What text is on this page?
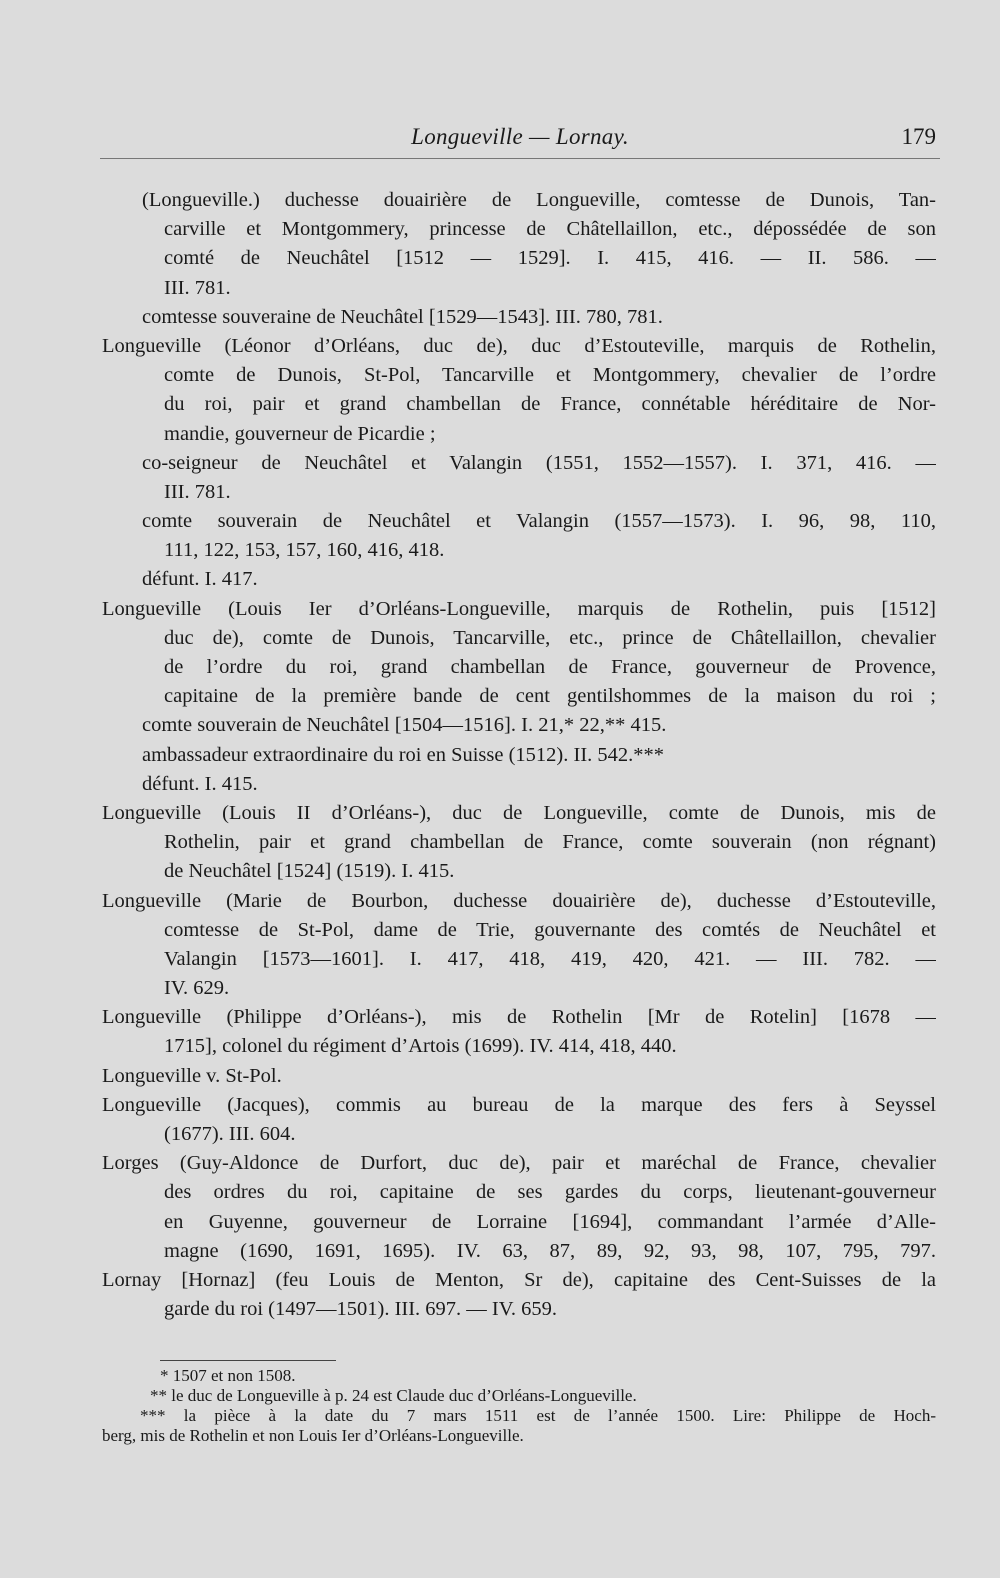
Longueville — Lornay.	179
(Longueville.) duchesse douairière de Longueville, comtesse de Dunois, Tan-
carville et Montgommery, princesse de Châtellaillon, etc., dépossédée de son
comté de Neuchâtel [1512 — 1529]. I. 415, 416. — II. 586. —
III. 781.
comtesse souveraine de Neuchâtel [1529—1543]. III. 780, 781.
Longueville (Léonor d’Orléans, duc de), duc d’Estouteville, marquis de Rothelin,
comte de Dunois, St-Pol, Tancarville et Montgommery, chevalier de l’ordre
du roi, pair et grand chambellan de France, connétable héréditaire de Nor-
mandie, gouverneur de Picardie ;
co-seigneur de Neuchâtel et Valangin (1551, 1552—1557). I. 371, 416. —
III. 781.
comte souverain de Neuchâtel et Valangin (1557—1573). I. 96, 98, 110,
111, 122, 153, 157, 160, 416, 418.
défunt. I. 417.
Longueville (Louis Ier d’Orléans-Longueville, marquis de Rothelin, puis [1512]
duc de), comte de Dunois, Tancarville, etc., prince de Châtellaillon, chevalier
de l’ordre du roi, grand chambellan de France, gouverneur de Provence,
capitaine de la première bande de cent gentilshommes de la maison du roi ;
comte souverain de Neuchâtel [1504—1516]. I. 21,* 22,** 415.
ambassadeur extraordinaire du roi en Suisse (1512). II. 542.***
défunt. I. 415.
Longueville (Louis II d’Orléans-), duc de Longueville, comte de Dunois, mis de
Rothelin, pair et grand chambellan de France, comte souverain (non régnant)
de Neuchâtel [1524] (1519). I. 415.
Longueville (Marie de Bourbon, duchesse douairière de), duchesse d’Estouteville,
comtesse de St-Pol, dame de Trie, gouvernante des comtés de Neuchâtel et
Valangin [1573—1601]. I. 417, 418, 419, 420, 421. — III. 782. —
IV. 629.
Longueville (Philippe d’Orléans-), mis de Rothelin [Mr de Rotelin] [1678 —
1715], colonel du régiment d’Artois (1699). IV. 414, 418, 440.
Longueville v. St-Pol.
Longueville (Jacques), commis au bureau de la marque des fers à Seyssel
(1677). III. 604.
Lorges (Guy-Aldonce de Durfort, duc de), pair et maréchal de France, chevalier
des ordres du roi, capitaine de ses gardes du corps, lieutenant-gouverneur
en Guyenne, gouverneur de Lorraine [1694], commandant l’armée d’Alle-
magne (1690, 1691, 1695). IV. 63, 87, 89, 92, 93, 98, 107, 795, 797.
Lornay [Hornaz] (feu Louis de Menton, Sr de), capitaine des Cent-Suisses de la
garde du roi (1497—1501). III. 697. — IV. 659.
* 1507 et non 1508.
** le duc de Longueville à p. 24 est Claude duc d’Orléans-Longueville.
*** la pièce à la date du 7 mars 1511 est de l’année 1500. Lire: Philippe de Hoch-
berg, mis de Rothelin et non Louis Ier d’Orléans-Longueville.
